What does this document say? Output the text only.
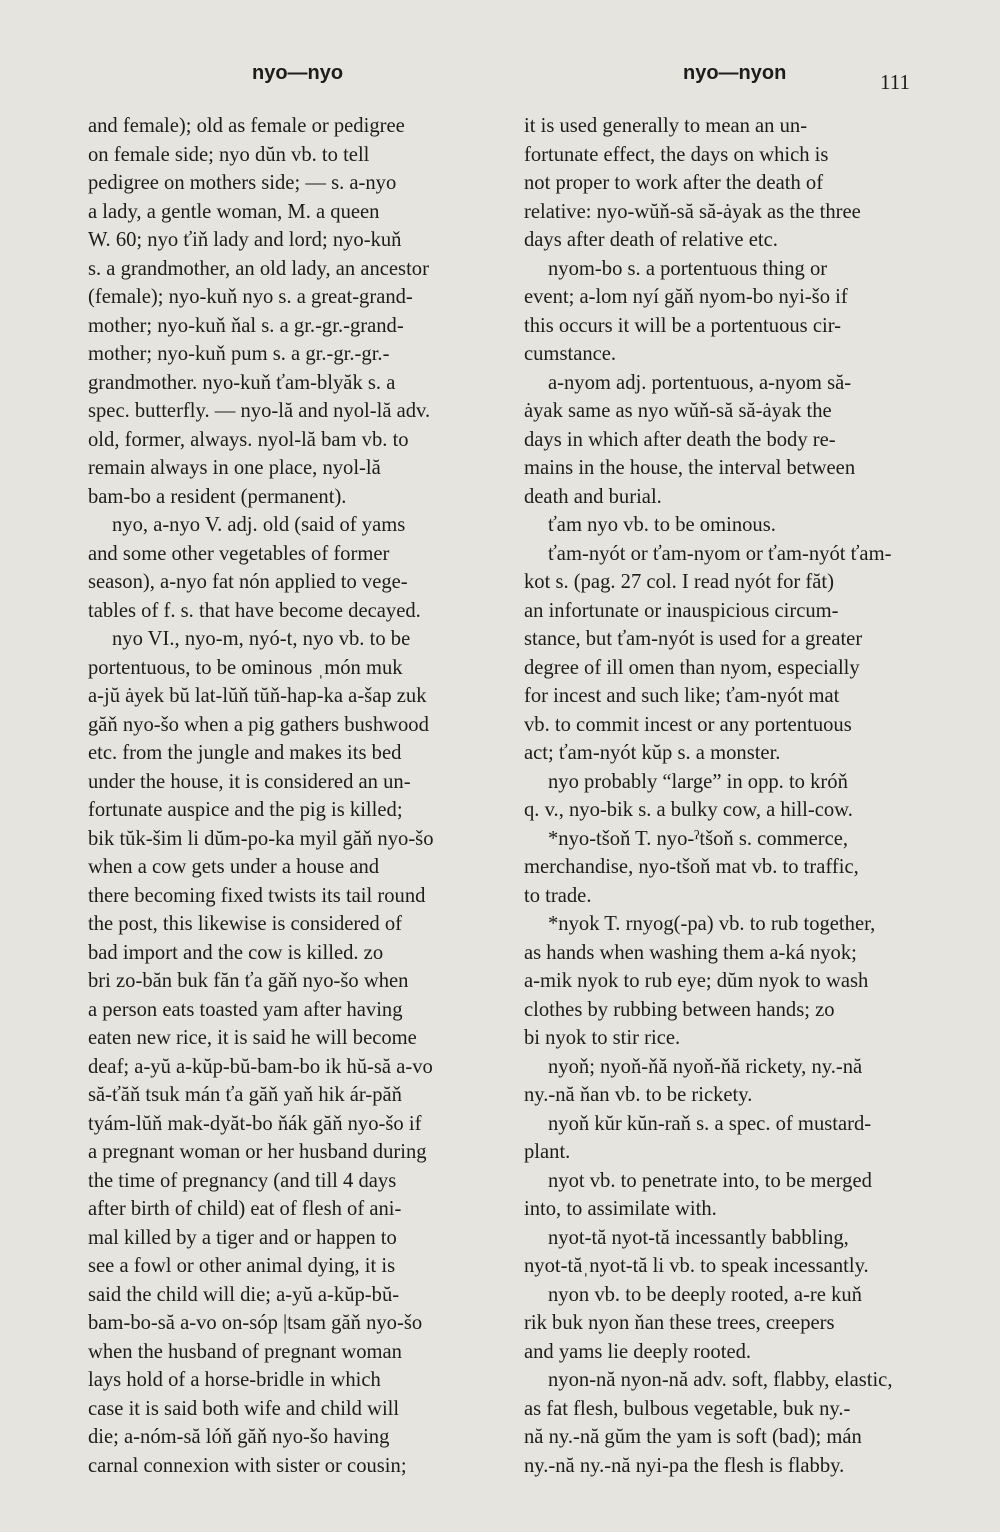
nyo—nyo	nyo—nyon	111

and female); old as female or pedigree

on female side; nyo dŭn vb. to tell

pedigree on mothers side; — s. a-nyo

a lady, a gentle woman, M. a queen

W. 60; nyo ťiň lady and lord; nyo-kuň

s. a grandmother, an old lady, an ancestor

(female); nyo-kuň nyo s. a great-grand-

mother; nyo-kuň ňal s. a gr.-gr.-grand-

mother; nyo-kuň pum s. a gr.-gr.-gr.-

grandmother. nyo-kuň ťam-blyăk s. a

spec. butterfly. — nyo-lă and nyol-lă adv.

old, former, always. nyol-lă bam vb. to

remain always in one place, nyol-lă

bam-bo a resident (permanent).

nyo, a-nyo V. adj. old (said of yams

and some other vegetables of former

season), a-nyo fat nón applied to vege-

tables of f. s. that have become decayed.

nyo VI., nyo-m, nyó-t, nyo vb. to be

portentuous, to be ominous ˌmón muk

a-jŭ ȧyek bŭ lat-lŭň tŭň-hap-ka a-šap zuk

găň nyo-šo when a pig gathers bushwood

etc. from the jungle and makes its bed

under the house, it is considered an un-

fortunate auspice and the pig is killed;

bik tŭk-šim li dŭm-po-ka myil găň nyo-šo

when a cow gets under a house and

there becoming fixed twists its tail round

the post, this likewise is considered of

bad import and the cow is killed. zo

bri zo-băn buk făn ťa găň nyo-šo when

a person eats toasted yam after having

eaten new rice, it is said he will become

deaf; a-yŭ a-kŭp-bŭ-bam-bo ik hŭ-să a-vo

să-ťăň tsuk mán ťa găň yaň hik ár-păň

tyám-lŭň mak-dyăt-bo ňák găň nyo-šo if

a pregnant woman or her husband during

the time of pregnancy (and till 4 days

after birth of child) eat of flesh of ani-

mal killed by a tiger and or happen to

see a fowl or other animal dying, it is

said the child will die; a-yŭ a-kŭp-bŭ-

bam-bo-să a-vo on-sóp |tsam găň nyo-šo

when the husband of pregnant woman

lays hold of a horse-bridle in which

case it is said both wife and child will

die; a-nóm-să lóň găň nyo-šo having

carnal connexion with sister or cousin;

it is used generally to mean an un-

fortunate effect, the days on which is

not proper to work after the death of

relative: nyo-wŭň-să să-ȧyak as the three

days after death of relative etc.

nyom-bo s. a portentuous thing or

event; a-lom nyí găň nyom-bo nyi-šo if

this occurs it will be a portentuous cir-

cumstance.

a-nyom adj. portentuous, a-nyom să-

ȧyak same as nyo wŭň-să să-ȧyak the

days in which after death the body re-

mains in the house, the interval between

death and burial.

ťam nyo vb. to be ominous.

ťam-nyót or ťam-nyom or ťam-nyót ťam-

kot s. (pag. 27 col. I read nyót for făt)

an infortunate or inauspicious circum-

stance, but ťam-nyót is used for a greater

degree of ill omen than nyom, especially

for incest and such like; ťam-nyót mat

vb. to commit incest or any portentuous

act; ťam-nyót kŭp s. a monster.

nyo probably “large” in opp. to króň

q. v., nyo-bik s. a bulky cow, a hill-cow.

*nyo-tšoň T. nyo-ˀtšoň s. commerce,

merchandise, nyo-tšoň mat vb. to traffic,

to trade.

*nyok T. rnyog(-pa) vb. to rub together,

as hands when washing them a-ká nyok;

a-mik nyok to rub eye; dŭm nyok to wash

clothes by rubbing between hands; zo

bi nyok to stir rice.

nyoň; nyoň-ňă nyoň-ňă rickety, ny.-nă

ny.-nă ňan vb. to be rickety.

nyoň kŭr kŭn-raň s. a spec. of mustard-

plant.

nyot vb. to penetrate into, to be merged

into, to assimilate with.

nyot-tă nyot-tă incessantly babbling,

nyot-tăˌnyot-tă li vb. to speak incessantly.

nyon vb. to be deeply rooted, a-re kuň

rik buk nyon ňan these trees, creepers

and yams lie deeply rooted.

nyon-nă nyon-nă adv. soft, flabby, elastic,

as fat flesh, bulbous vegetable, buk ny.-

nă ny.-nă gŭm the yam is soft (bad); mán

ny.-nă ny.-nă nyi-pa the flesh is flabby.
